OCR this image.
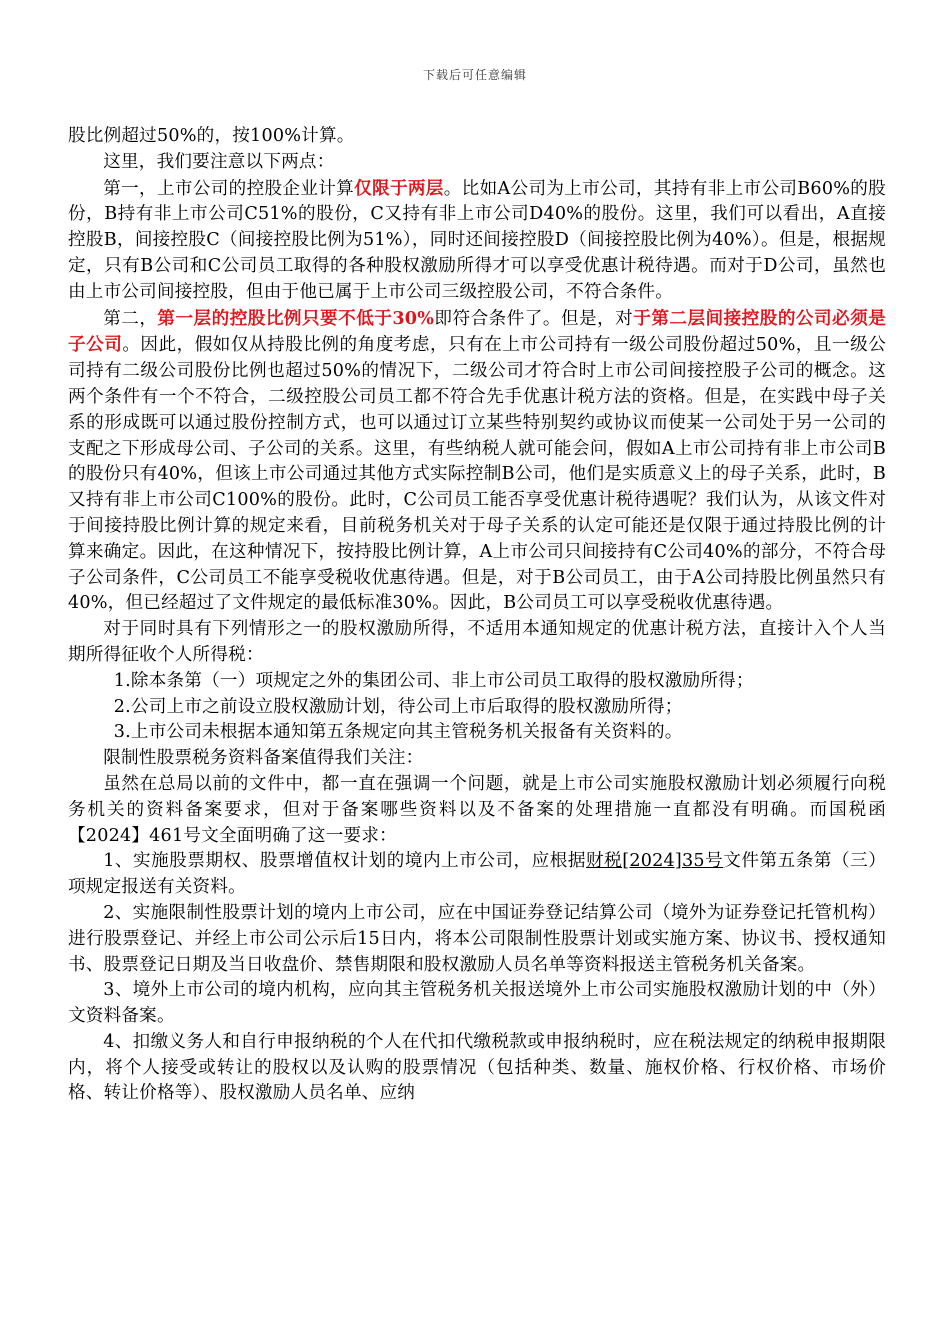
下载后可任意编辑

股比例超过50%的，按100%计算。

这里，我们要注意以下两点：

第一，上市公司的控股企业计算仅限于两层。比如A公司为上市公司，其持有非上市公司B60%的股份，B持有非上市公司C51%的股份，C又持有非上市公司D40%的股份。这里，我们可以看出，A直接控股B，间接控股C（间接控股比例为51%），同时还间接控股D（间接控股比例为40%）。但是，根据规定，只有B公司和C公司员工取得的各种股权激励所得才可以享受优惠计税待遇。而对于D公司，虽然也由上市公司间接控股，但由于他已属于上市公司三级控股公司，不符合条件。

第二，第一层的控股比例只要不低于30%即符合条件了。但是，对于第二层间接控股的公司必须是子公司。因此，假如仅从持股比例的角度考虑，只有在上市公司持有一级公司股份超过50%，且一级公司持有二级公司股份比例也超过50%的情况下，二级公司才符合时上市公司间接控股子公司的概念。这两个条件有一个不符合，二级控股公司员工都不符合先手优惠计税方法的资格。但是，在实践中母子关系的形成既可以通过股份控制方式，也可以通过订立某些特别契约或协议而使某一公司处于另一公司的支配之下形成母公司、子公司的关系。这里，有些纳税人就可能会问，假如A上市公司持有非上市公司B的股份只有40%，但该上市公司通过其他方式实际控制B公司，他们是实质意义上的母子关系，此时，B又持有非上市公司C100%的股份。此时，C公司员工能否享受优惠计税待遇呢？我们认为，从该文件对于间接持股比例计算的规定来看，目前税务机关对于母子关系的认定可能还是仅限于通过持股比例的计算来确定。因此，在这种情况下，按持股比例计算，A上市公司只间接持有C公司40%的部分，不符合母子公司条件，C公司员工不能享受税收优惠待遇。但是，对于B公司员工，由于A公司持股比例虽然只有40%，但已经超过了文件规定的最低标准30%。因此，B公司员工可以享受税收优惠待遇。

对于同时具有下列情形之一的股权激励所得，不适用本通知规定的优惠计税方法，直接计入个人当期所得征收个人所得税：

1.除本条第（一）项规定之外的集团公司、非上市公司员工取得的股权激励所得；

2.公司上市之前设立股权激励计划，待公司上市后取得的股权激励所得；

3.上市公司未根据本通知第五条规定向其主管税务机关报备有关资料的。

限制性股票税务资料备案值得我们关注：

虽然在总局以前的文件中，都一直在强调一个问题，就是上市公司实施股权激励计划必须履行向税务机关的资料备案要求，但对于备案哪些资料以及不备案的处理措施一直都没有明确。而国税函【2024】461号文全面明确了这一要求：

1、实施股票期权、股票增值权计划的境内上市公司，应根据财税[2024]35号文件第五条第（三）项规定报送有关资料。

2、实施限制性股票计划的境内上市公司，应在中国证券登记结算公司（境外为证券登记托管机构）进行股票登记、并经上市公司公示后15日内，将本公司限制性股票计划或实施方案、协议书、授权通知书、股票登记日期及当日收盘价、禁售期限和股权激励人员名单等资料报送主管税务机关备案。

3、境外上市公司的境内机构，应向其主管税务机关报送境外上市公司实施股权激励计划的中（外）文资料备案。

4、扣缴义务人和自行申报纳税的个人在代扣代缴税款或申报纳税时，应在税法规定的纳税申报期限内，将个人接受或转让的股权以及认购的股票情况（包括种类、数量、施权价格、行权价格、市场价格、转让价格等）、股权激励人员名单、应纳
